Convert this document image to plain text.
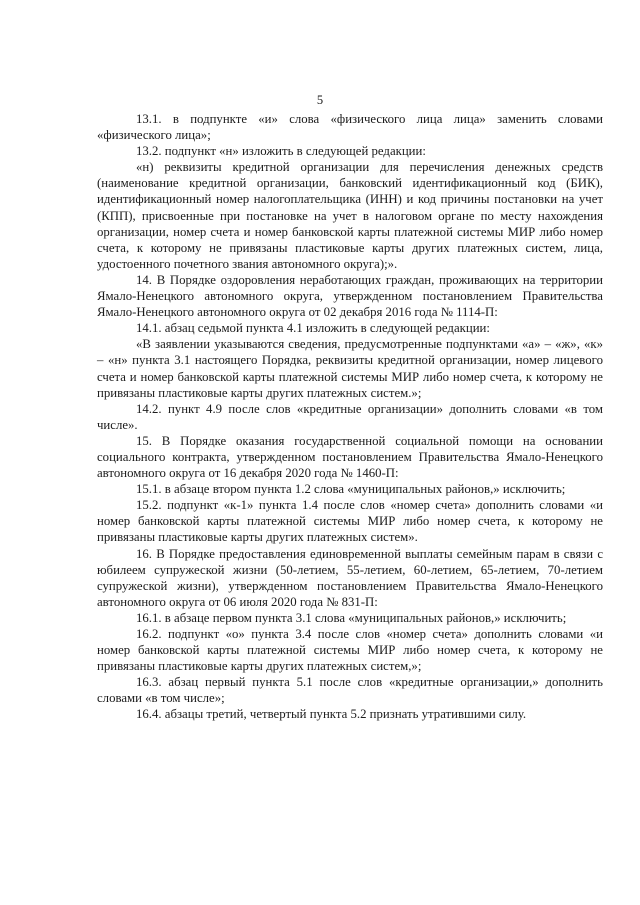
5

13.1. в подпункте «и» слова «физического лица лица» заменить словами «физического лица»;

13.2. подпункт «н» изложить в следующей редакции:

«н) реквизиты кредитной организации для перечисления денежных средств (наименование кредитной организации, банковский идентификационный код (БИК), идентификационный номер налогоплательщика (ИНН) и код причины постановки на учет (КПП), присвоенные при постановке на учет в налоговом органе по месту нахождения организации, номер счета и номер банковской карты платежной системы МИР либо номер счета, к которому не привязаны пластиковые карты других платежных систем, лица, удостоенного почетного звания автономного округа);».

14. В Порядке оздоровления неработающих граждан, проживающих на территории Ямало-Ненецкого автономного округа, утвержденном постановлением Правительства Ямало-Ненецкого автономного округа от 02 декабря 2016 года № 1114-П:

14.1. абзац седьмой пункта 4.1 изложить в следующей редакции:

«В заявлении указываются сведения, предусмотренные подпунктами «а» – «ж», «к» – «н» пункта 3.1 настоящего Порядка, реквизиты кредитной организации, номер лицевого счета и номер банковской карты платежной системы МИР либо номер счета, к которому не привязаны пластиковые карты других платежных систем.»;

14.2. пункт 4.9 после слов «кредитные организации» дополнить словами «в том числе».

15. В Порядке оказания государственной социальной помощи на основании социального контракта, утвержденном постановлением Правительства Ямало-Ненецкого автономного округа от 16 декабря 2020 года № 1460-П:

15.1. в абзаце втором пункта 1.2 слова «муниципальных районов,» исключить;

15.2. подпункт «к-1» пункта 1.4 после слов «номер счета» дополнить словами «и номер банковской карты платежной системы МИР либо номер счета, к которому не привязаны пластиковые карты других платежных систем».

16. В Порядке предоставления единовременной выплаты семейным парам в связи с юбилеем супружеской жизни (50-летием, 55-летием, 60-летием, 65-летием, 70-летием супружеской жизни), утвержденном постановлением Правительства Ямало-Ненецкого автономного округа от 06 июля 2020 года № 831-П:

16.1. в абзаце первом пункта 3.1 слова «муниципальных районов,» исключить;

16.2. подпункт «о» пункта 3.4 после слов «номер счета» дополнить словами «и номер банковской карты платежной системы МИР либо номер счета, к которому не привязаны пластиковые карты других платежных систем,»;

16.3. абзац первый пункта 5.1 после слов «кредитные организации,» дополнить словами «в том числе»;

16.4. абзацы третий, четвертый пункта 5.2 признать утратившими силу.
